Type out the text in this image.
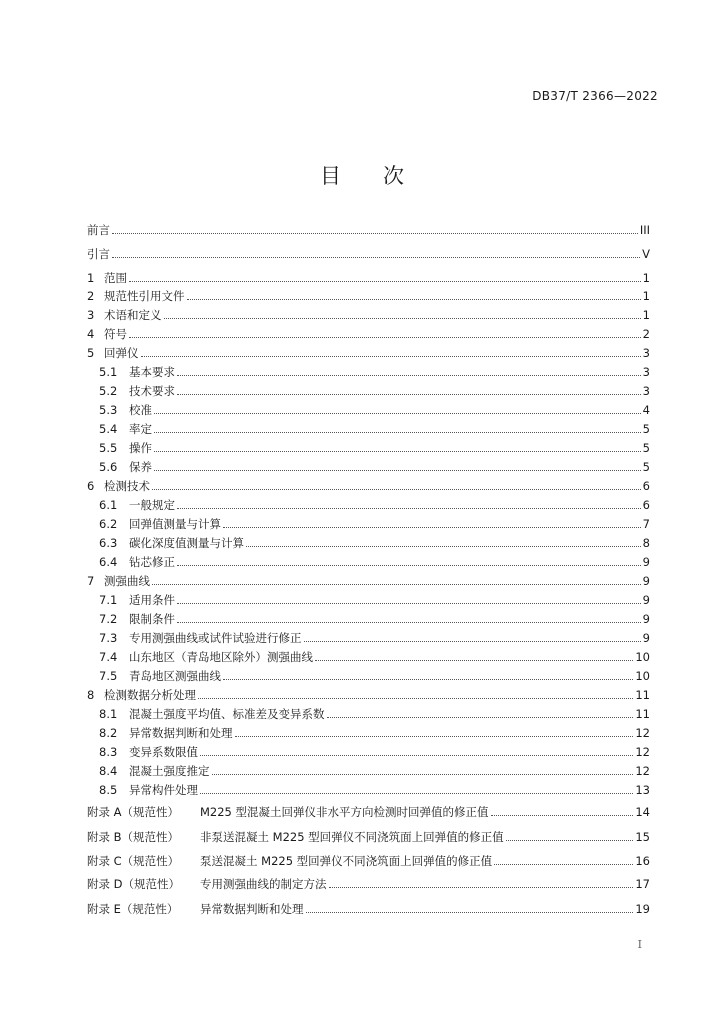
DB37/T 2366—2022
目 次
前言	III
引言	V
1 范围	1
2 规范性引用文件	1
3 术语和定义	1
4 符号	2
5 回弹仪	3
5.1	基本要求	3
5.2	技术要求	3
5.3	校准	4
5.4	率定	5
5.5	操作	5
5.6	保养	5
6 检测技术	6
6.1	一般规定	6
6.2	回弹值测量与计算	7
6.3	碳化深度值测量与计算	8
6.4	钻芯修正	9
7 测强曲线	9
7.1	适用条件	9
7.2	限制条件	9
7.3	专用测强曲线或试件试验进行修正	9
7.4	山东地区（青岛地区除外）测强曲线	10
7.5	青岛地区测强曲线	10
8 检测数据分析处理	11
8.1	混凝土强度平均值、标准差及变异系数	11
8.2	异常数据判断和处理	12
8.3	变异系数限值	12
8.4	混凝土强度推定	12
8.5	异常构件处理	13
附录 A（规范性）	M225 型混凝土回弹仪非水平方向检测时回弹值的修正值	14
附录 B（规范性）	非泵送混凝土 M225 型回弹仪不同浇筑面上回弹值的修正值	15
附录 C（规范性）	泵送混凝土 M225 型回弹仪不同浇筑面上回弹值的修正值	16
附录 D（规范性）	专用测强曲线的制定方法	17
附录 E（规范性）	异常数据判断和处理	19
I
